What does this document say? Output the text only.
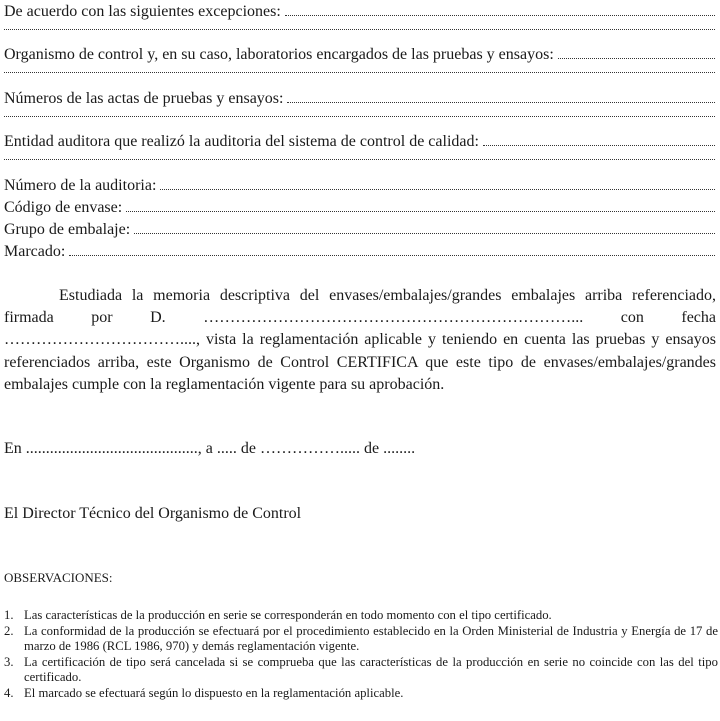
De acuerdo con las siguientes excepciones:
Organismo de control y, en su caso, laboratorios encargados de las pruebas y ensayos:
Números de las actas de pruebas y ensayos:
Entidad auditora que realizó la auditoria del sistema de control de calidad:
Número de la auditoria:
Código de envase:
Grupo de embalaje:
Marcado:

Estudiada la memoria descriptiva del envases/embalajes/grandes embalajes arriba referenciado, firmada por D. ……………………………………………………………... con fecha ……………………………...., vista la reglamentación aplicable y teniendo en cuenta las pruebas y ensayos referenciados arriba, este Organismo de Control CERTIFICA que este tipo de envases/embalajes/grandes embalajes cumple con la reglamentación vigente para su aprobación.

En ..........................................., a ..... de ……………..... de ........

El Director Técnico del Organismo de Control

OBSERVACIONES:

1. Las características de la producción en serie se corresponderán en todo momento con el tipo certificado.
2. La conformidad de la producción se efectuará por el procedimiento establecido en la Orden Ministerial de Industria y Energía de 17 de marzo de 1986 (RCL 1986, 970) y demás reglamentación vigente.
3. La certificación de tipo será cancelada si se comprueba que las características de la producción en serie no coincide con las del tipo certificado.
4. El marcado se efectuará según lo dispuesto en la reglamentación aplicable.
